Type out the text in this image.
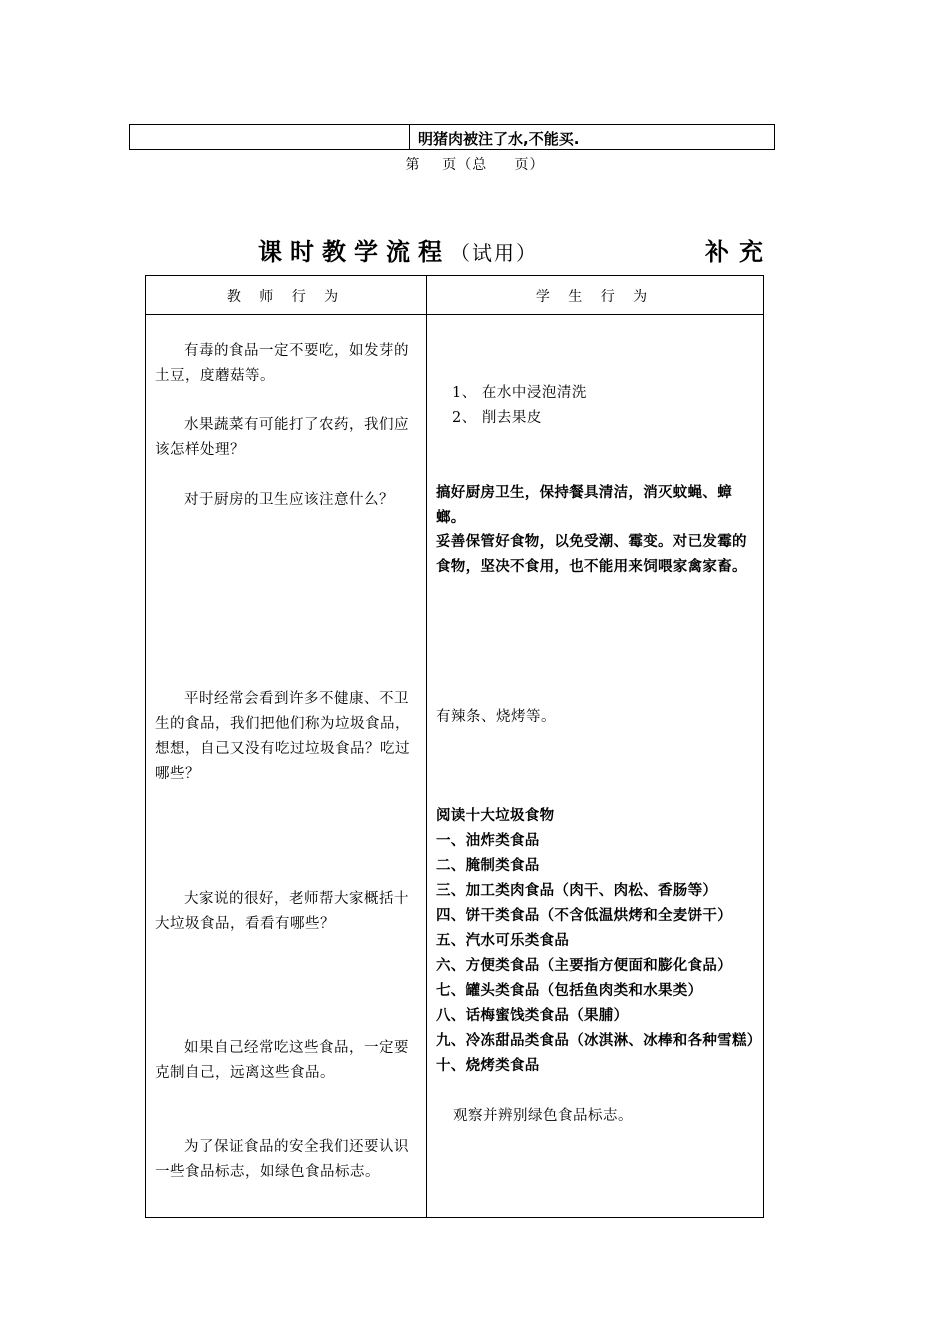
明猪肉被注了水,不能买.
第    页（总     页）
课时教学流程（试用）	补充
教 师 行 为	学 生 行 为
有毒的食品一定不要吃，如发芽的土豆，度蘑菇等。
水果蔬菜有可能打了农药，我们应该怎样处理？
对于厨房的卫生应该注意什么？
平时经常会看到许多不健康、不卫生的食品，我们把他们称为垃圾食品，想想，自己又没有吃过垃圾食品？吃过哪些？
大家说的很好，老师帮大家概括十大垃圾食品，看看有哪些？
如果自己经常吃这些食品，一定要克制自己，远离这些食品。
为了保证食品的安全我们还要认识一些食品标志，如绿色食品标志。
1、 在水中浸泡清洗
2、 削去果皮
搞好厨房卫生，保持餐具清洁，消灭蚊蝇、蟑螂。
妥善保管好食物，以免受潮、霉变。对已发霉的食物，坚决不食用，也不能用来饲喂家禽家畜。
有辣条、烧烤等。
阅读十大垃圾食物
一、油炸类食品
二、腌制类食品
三、加工类肉食品（肉干、肉松、香肠等）
四、饼干类食品（不含低温烘烤和全麦饼干）
五、汽水可乐类食品
六、方便类食品（主要指方便面和膨化食品）
七、罐头类食品（包括鱼肉类和水果类）
八、话梅蜜饯类食品（果脯）
九、冷冻甜品类食品（冰淇淋、冰棒和各种雪糕）
十、烧烤类食品
观察并辨别绿色食品标志。
